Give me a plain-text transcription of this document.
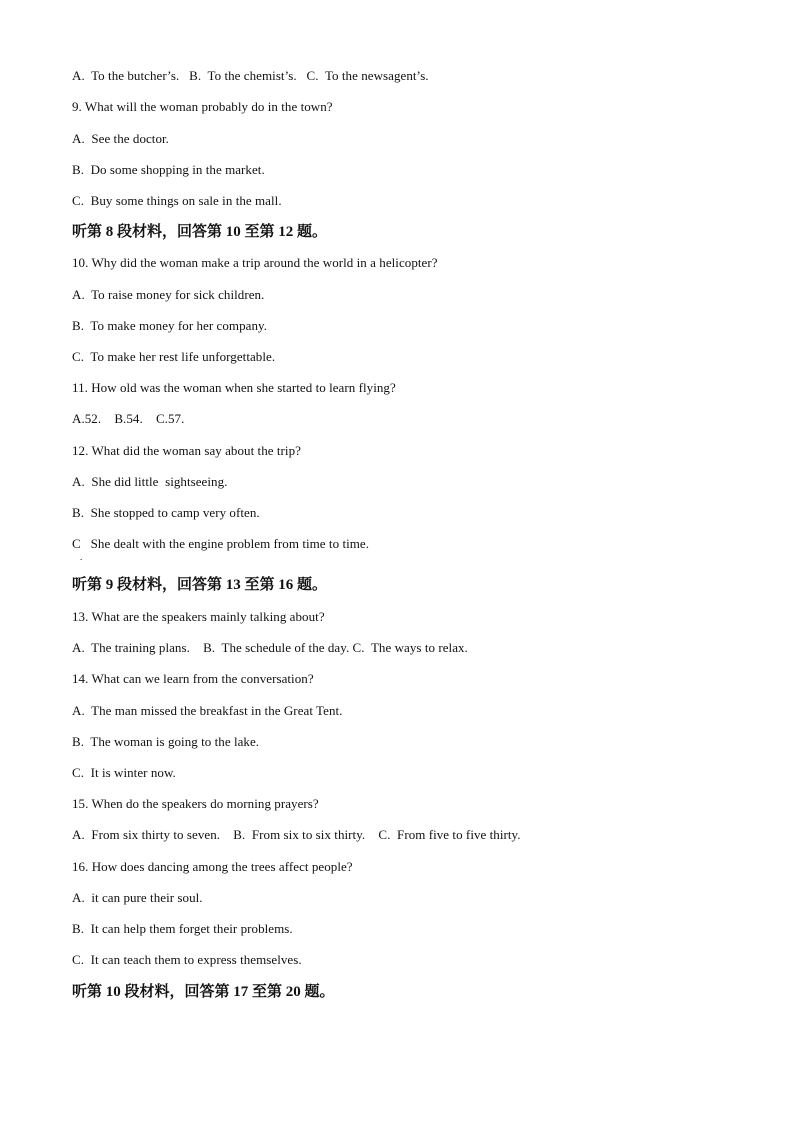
A.  To the butcher’s.   B.  To the chemist’s.   C.  To the newsagent’s.
9. What will the woman probably do in the town?
A.  See the doctor.
B.  Do some shopping in the market.
C.  Buy some things on sale in the mall.
听第 8 段材料，回答第 10 至第 12 题。
10. Why did the woman make a trip around the world in a helicopter?
A.  To raise money for sick children.
B.  To make money for her company.
C.  To make her rest life unforgettable.
11. How old was the woman when she started to learn flying?
A.52.    B.54.    C.57.
12. What did the woman say about the trip?
A.  She did little  sightseeing.
B.  She stopped to camp very often.
C   She dealt with the engine problem from time to time.
.
听第 9 段材料，回答第 13 至第 16 题。
13. What are the speakers mainly talking about?
A.  The training plans.    B.  The schedule of the day. C.  The ways to relax.
14. What can we learn from the conversation?
A.  The man missed the breakfast in the Great Tent.
B.  The woman is going to the lake.
C.  It is winter now.
15. When do the speakers do morning prayers?
A.  From six thirty to seven.    B.  From six to six thirty.    C.  From five to five thirty.
16. How does dancing among the trees affect people?
A.  it can pure their soul.
B.  It can help them forget their problems.
C.  It can teach them to express themselves.
听第 10 段材料，回答第 17 至第 20 题。
